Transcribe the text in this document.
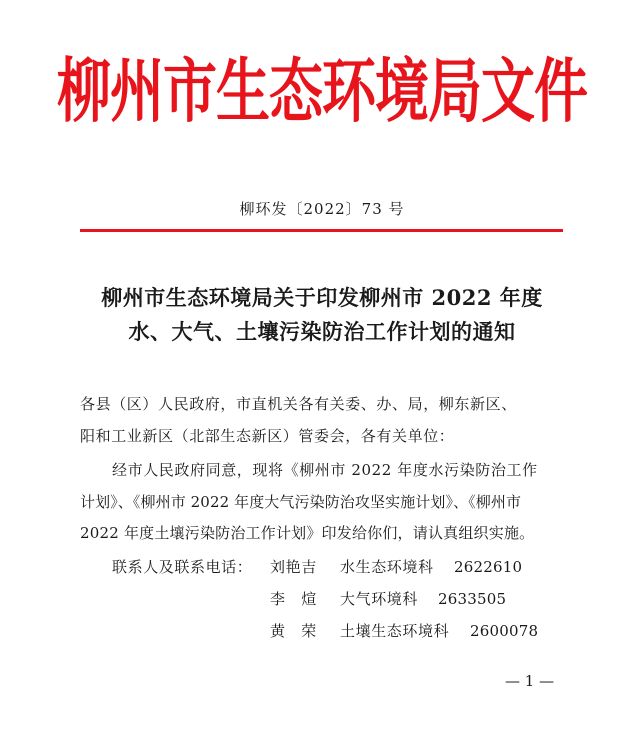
柳州市生态环境局文件
柳环发〔2022〕73 号
柳州市生态环境局关于印发柳州市 2022 年度
水、大气、土壤污染防治工作计划的通知
各县（区）人民政府，市直机关各有关委、办、局，柳东新区、
阳和工业新区（北部生态新区）管委会，各有关单位：
经市人民政府同意，现将《柳州市 2022 年度水污染防治工作
计划》、《柳州市 2022 年度大气污染防治攻坚实施计划》、《柳州市
2022 年度土壤污染防治工作计划》印发给你们，请认真组织实施。
联系人及联系电话： 刘艳吉 水生态环境科 2622610
李　煊 大气环境科 2633505
黄　荣 土壤生态环境科 2600078
— 1 —
